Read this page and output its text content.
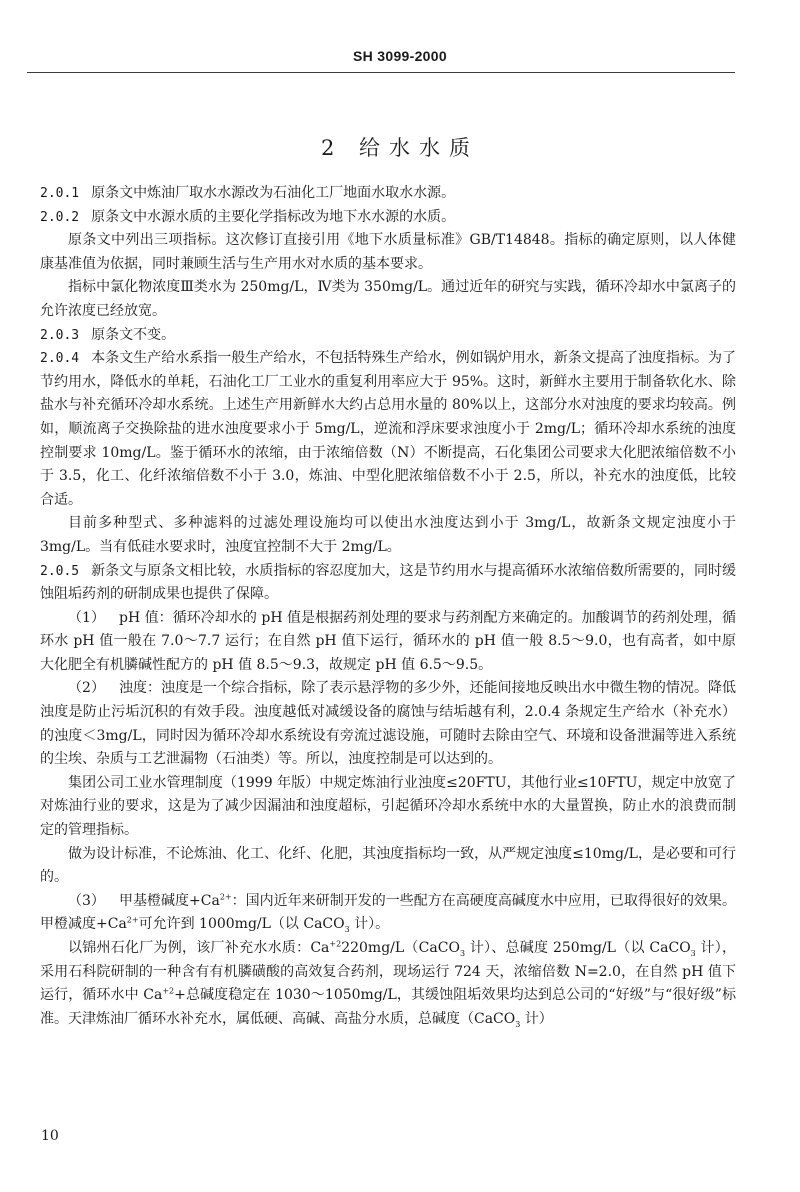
SH 3099-2000
2 给水水质

2.0.1 原条文中炼油厂取水水源改为石油化工厂地面水取水水源。

2.0.2 原条文中水源水质的主要化学指标改为地下水水源的水质。

原条文中列出三项指标。这次修订直接引用《地下水质量标准》GB/T14848。指标的确定原则，以人体健康基准值为依据，同时兼顾生活与生产用水对水质的基本要求。

指标中氯化物浓度Ⅲ类水为 250mg/L，Ⅳ类为 350mg/L。通过近年的研究与实践，循环冷却水中氯离子的允许浓度已经放宽。

2.0.3 原条文不变。

2.0.4 本条文生产给水系指一般生产给水，不包括特殊生产给水，例如锅炉用水，新条文提高了浊度指标。为了节约用水，降低水的单耗，石油化工厂工业水的重复利用率应大于 95%。这时，新鲜水主要用于制备软化水、除盐水与补充循环冷却水系统。上述生产用新鲜水大约占总用水量的 80%以上，这部分水对浊度的要求均较高。例如，顺流离子交换除盐的进水浊度要求小于 5mg/L，逆流和浮床要求浊度小于 2mg/L；循环冷却水系统的浊度控制要求 10mg/L。鉴于循环水的浓缩，由于浓缩倍数（N）不断提高，石化集团公司要求大化肥浓缩倍数不小于 3.5，化工、化纤浓缩倍数不小于 3.0，炼油、中型化肥浓缩倍数不小于 2.5，所以，补充水的浊度低，比较合适。

目前多种型式、多种滤料的过滤处理设施均可以使出水浊度达到小于 3mg/L，故新条文规定浊度小于 3mg/L。当有低硅水要求时，浊度宜控制不大于 2mg/L。

2.0.5 新条文与原条文相比较，水质指标的容忍度加大，这是节约用水与提高循环水浓缩倍数所需要的，同时缓蚀阻垢药剂的研制成果也提供了保障。

（1） pH 值：循环冷却水的 pH 值是根据药剂处理的要求与药剂配方来确定的。加酸调节的药剂处理，循环水 pH 值一般在 7.0～7.7 运行；在自然 pH 值下运行，循环水的 pH 值一般 8.5～9.0，也有高者，如中原大化肥全有机膦碱性配方的 pH 值 8.5～9.3，故规定 pH 值 6.5～9.5。

（2） 浊度：浊度是一个综合指标，除了表示悬浮物的多少外，还能间接地反映出水中微生物的情况。降低浊度是防止污垢沉积的有效手段。浊度越低对减缓设备的腐蚀与结垢越有利，2.0.4 条规定生产给水（补充水）的浊度＜3mg/L，同时因为循环冷却水系统设有旁流过滤设施，可随时去除由空气、环境和设备泄漏等进入系统的尘埃、杂质与工艺泄漏物（石油类）等。所以，浊度控制是可以达到的。

集团公司工业水管理制度（1999 年版）中规定炼油行业浊度≤20FTU，其他行业≤10FTU，规定中放宽了对炼油行业的要求，这是为了减少因漏油和浊度超标，引起循环冷却水系统中水的大量置换，防止水的浪费而制定的管理指标。

做为设计标准，不论炼油、化工、化纤、化肥，其浊度指标均一致，从严规定浊度≤10mg/L，是必要和可行的。

（3） 甲基橙碱度$+Ca^{2+}$：国内近年来研制开发的一些配方在高硬度高碱度水中应用，已取得很好的效果。甲橙减度$+Ca^{2+}$可允许到 1000mg/L（以 CaCO$_3$ 计）。

以锦州石化厂为例，该厂补充水水质：$Ca^{+2}220mg/L(CaCO_3$ 计）、总碱度 250mg/L（以 CaCO$_3$ 计），采用石科院研制的一种含有有机膦磺酸的高效复合药剂，现场运行 724 天，浓缩倍数 N=2.0，在自然 pH 值下运行，循环水中 $Ca^{+2}+$总碱度稳定在 1030～1050mg/L，其缓蚀阻垢效果均达到总公司的“好级”与“很好级”标准。天津炼油厂循环水补充水，属低硬、高碱、高盐分水质，总碱度（CaCO$_3$ 计）

10
